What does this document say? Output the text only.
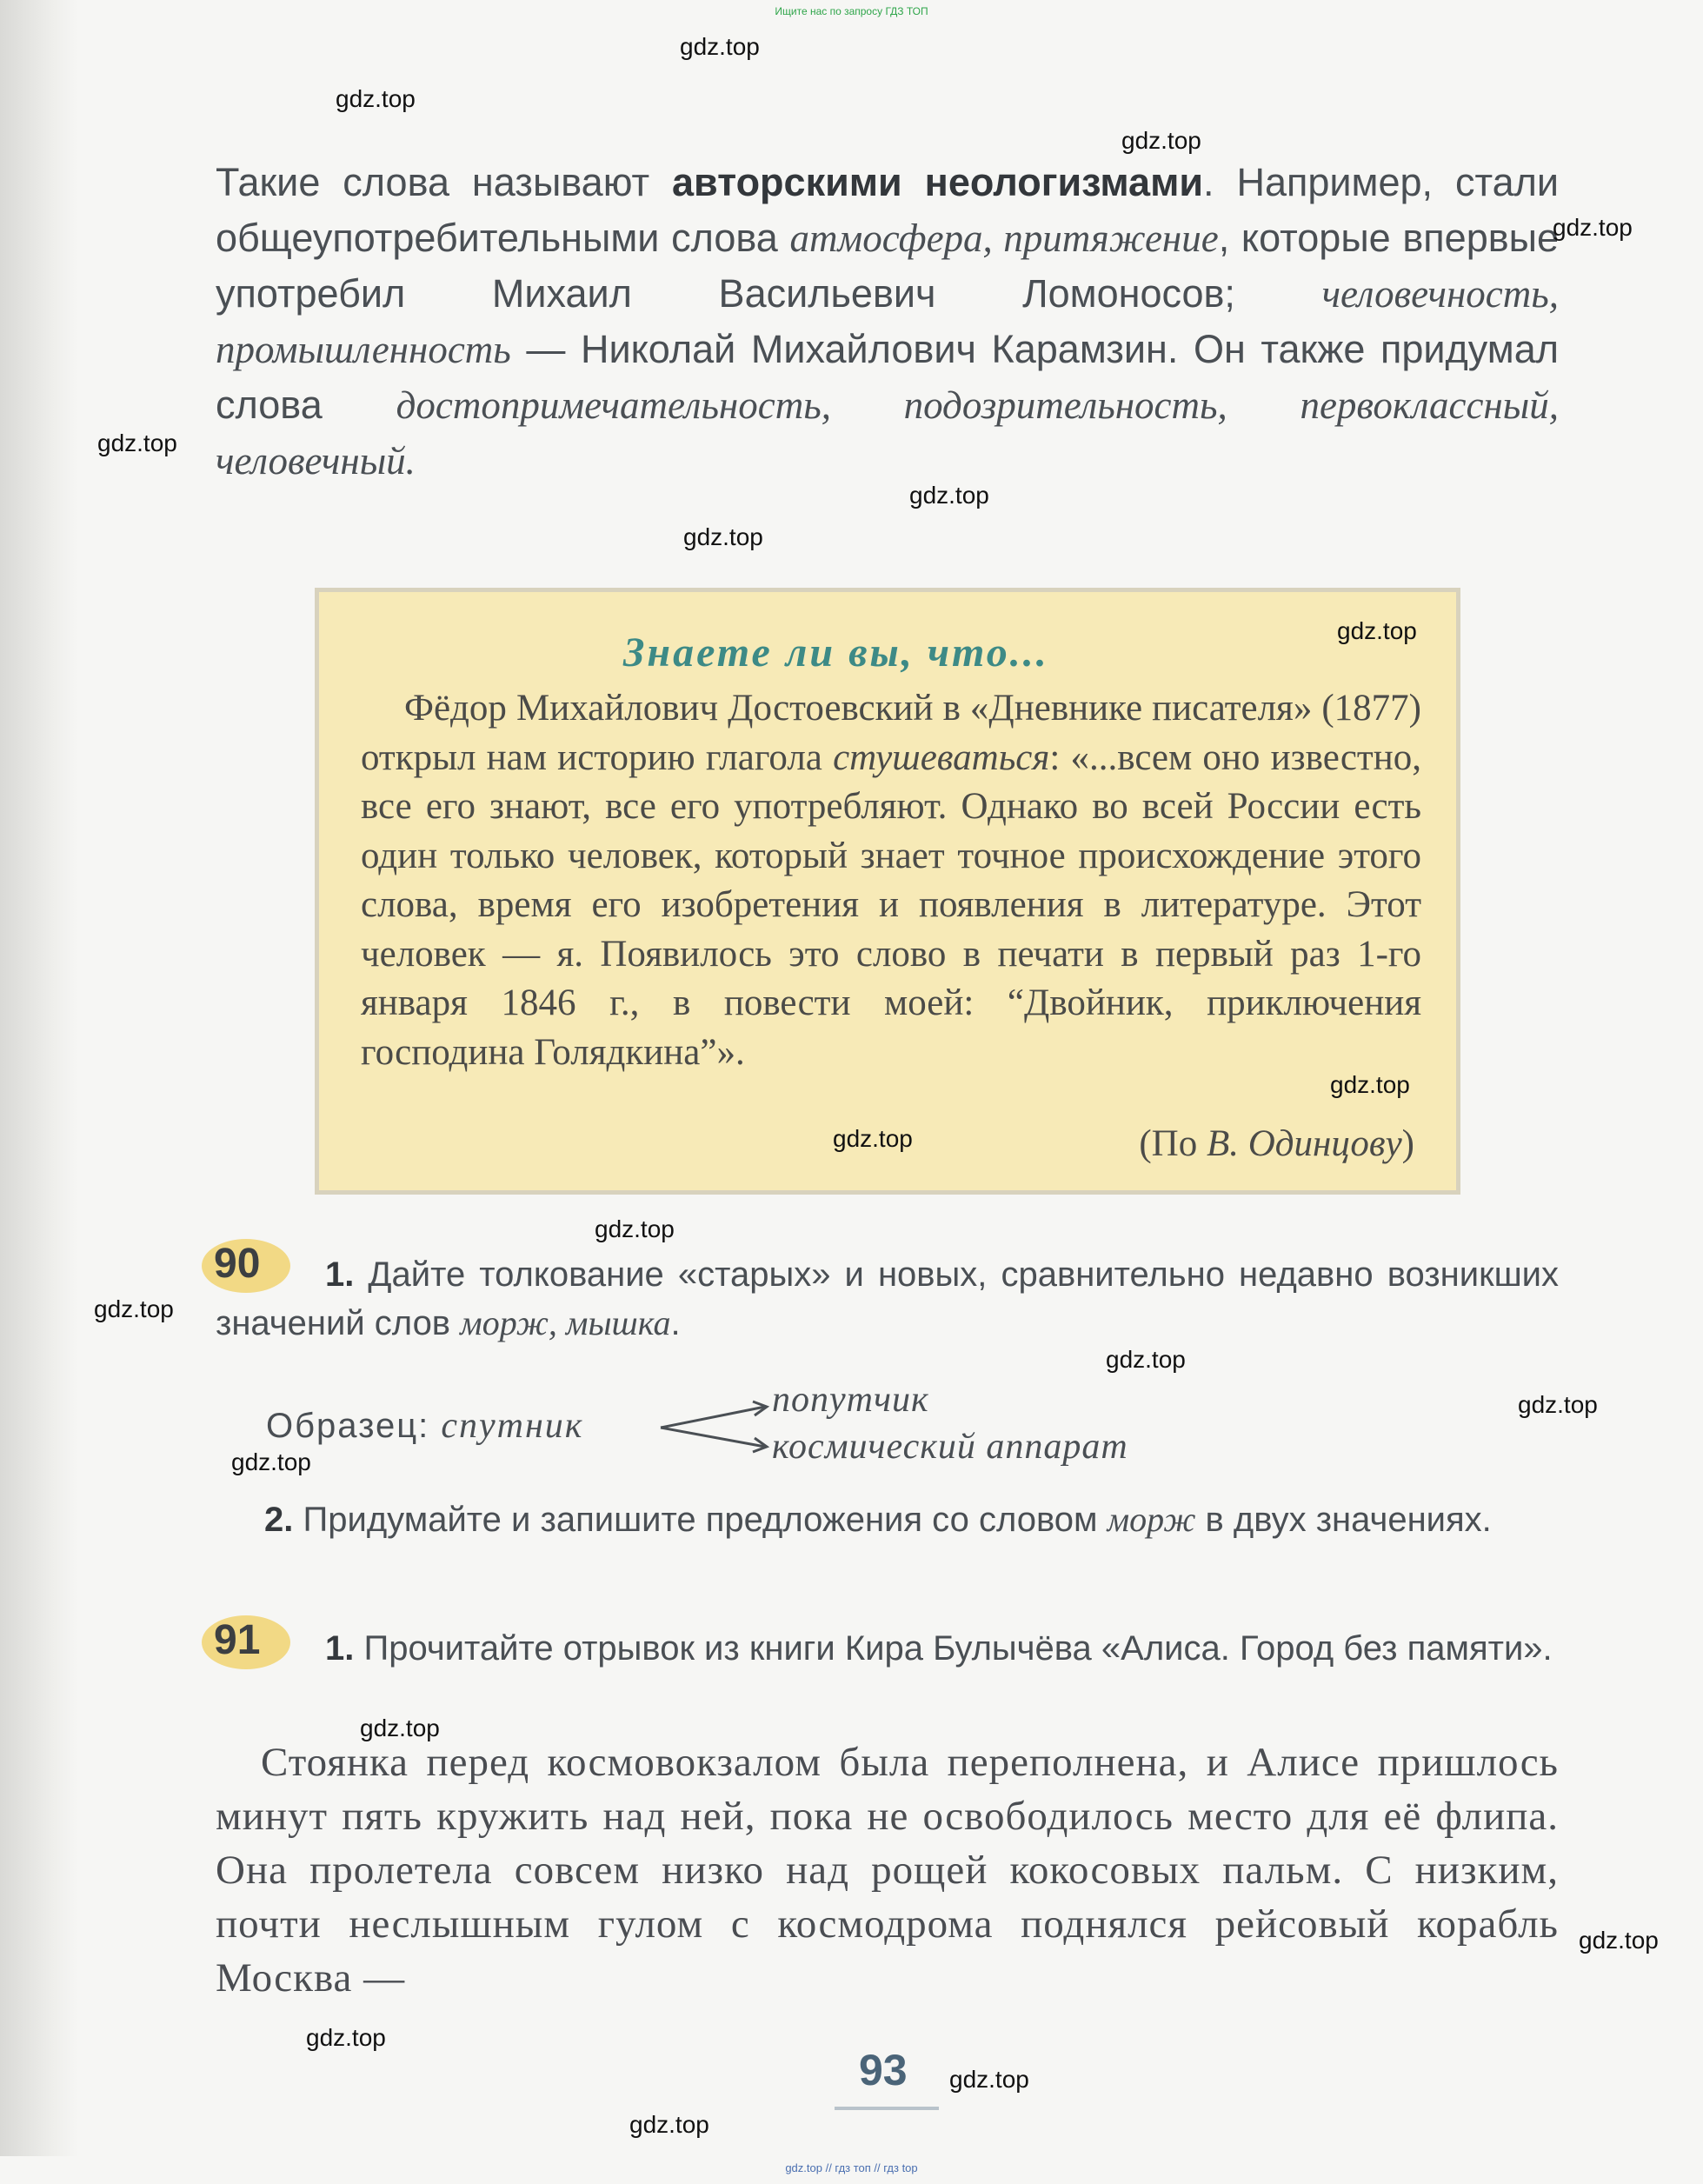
Ищите нас по запросу ГДЗ ТОП
Такие слова называют авторскими неологизмами. Например, стали общеупотребительными слова атмосфера, притяжение, которые впервые употребил Михаил Васильевич Ломоносов; человечность, промышленность — Николай Михайлович Карамзин. Он также придумал слова достопримечательность, подозрительность, первоклассный, человечный.
Знаете ли вы, что...
Фёдор Михайлович Достоевский в «Дневнике писателя» (1877) открыл нам историю глагола стушеваться: «...всем оно известно, все его знают, все его употребляют. Однако во всей России есть один только человек, который знает точное происхождение этого слова, время его изобретения и появления в литературе. Этот человек — я. Появилось это слово в печати в первый раз 1-го января 1846 г., в повести моей: “Двойник, приключения господина Голядкина”».
(По В. Одинцову)
90	1. Дайте толкование «старых» и новых, сравнительно недавно возникших значений слов морж, мышка.
Образец: спутник
попутчик
космический аппарат
2. Придумайте и запишите предложения со словом морж в двух значениях.
91	1. Прочитайте отрывок из книги Кира Булычёва «Алиса. Город без памяти».
Стоянка перед космовокзалом была переполнена, и Алисе пришлось минут пять кружить над ней, пока не освободилось место для её флипа. Она пролетела совсем низко над рощей кокосовых пальм. С низким, почти неслышным гулом с космодрома поднялся рейсовый корабль Москва —
93
gdz.top // гдз топ // гдз top
gdz.top
gdz.top
gdz.top
gdz.top
gdz.top
gdz.top
gdz.top
gdz.top
gdz.top
gdz.top
gdz.top
gdz.top
gdz.top
gdz.top
gdz.top
gdz.top
gdz.top
gdz.top
gdz.top
gdz.top
